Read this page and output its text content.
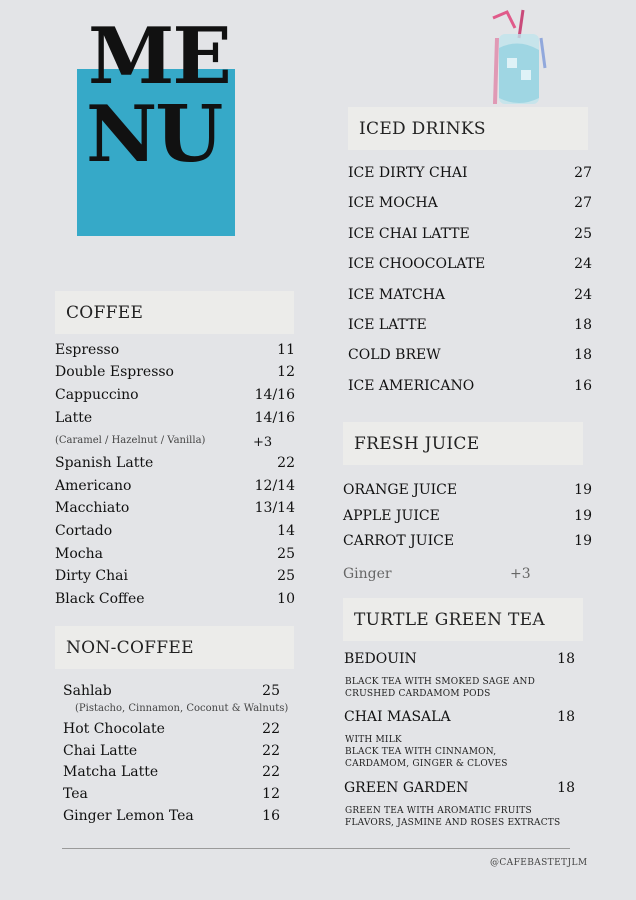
ME
NU
COFFEE
NON-COFFEE
ICED DRINKS
FRESH JUICE
TURTLE GREEN TEA
@CAFEBASTETJLM
Espresso	11
Double Espresso	12
Cappuccino	14/16
Latte	14/16
(Caramel / Hazelnut / Vanilla)	+3
Spanish Latte	22
Americano	12/14
Macchiato	13/14
Cortado	14
Mocha	25
Dirty Chai	25
Black Coffee	10
Sahlab	25
(Pistacho, Cinnamon, Coconut & Walnuts)
Hot Chocolate	22
Chai Latte	22
Matcha Latte	22
Tea	12
Ginger Lemon Tea	16
ICE DIRTY CHAI	27
ICE MOCHA	27
ICE CHAI LATTE	25
ICE CHOOCOLATE	24
ICE MATCHA	24
ICE LATTE	18
COLD BREW	18
ICE AMERICANO	16
ORANGE JUICE	19
APPLE JUICE	19
CARROT JUICE	19
Ginger	+3
BEDOUIN	18
BLACK TEA WITH SMOKED SAGE AND
CRUSHED CARDAMOM PODS
CHAI MASALA	18
WITH MILK
BLACK TEA WITH CINNAMON,
CARDAMOM, GINGER & CLOVES
GREEN GARDEN	18
GREEN TEA WITH AROMATIC FRUITS
FLAVORS, JASMINE AND ROSES EXTRACTS
